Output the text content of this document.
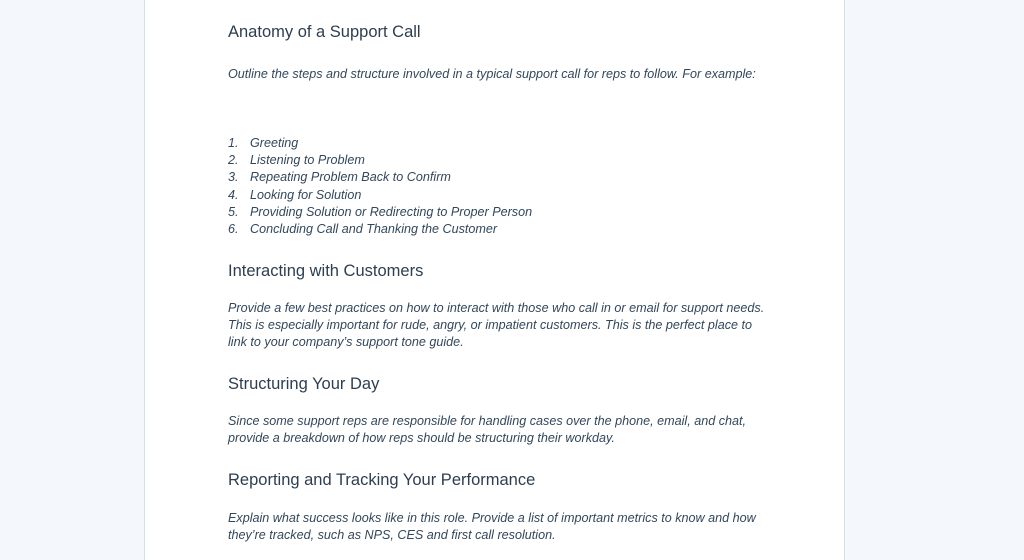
Anatomy of a Support Call

Outline the steps and structure involved in a typical support call for reps to follow. For example:

1. Greeting
2. Listening to Problem
3. Repeating Problem Back to Confirm
4. Looking for Solution
5. Providing Solution or Redirecting to Proper Person
6. Concluding Call and Thanking the Customer
Interacting with Customers

Provide a few best practices on how to interact with those who call in or email for support needs. This is especially important for rude, angry, or impatient customers. This is the perfect place to link to your company’s support tone guide.

Structuring Your Day

Since some support reps are responsible for handling cases over the phone, email, and chat, provide a breakdown of how reps should be structuring their workday.

Reporting and Tracking Your Performance

Explain what success looks like in this role. Provide a list of important metrics to know and how they’re tracked, such as NPS, CES and first call resolution.
